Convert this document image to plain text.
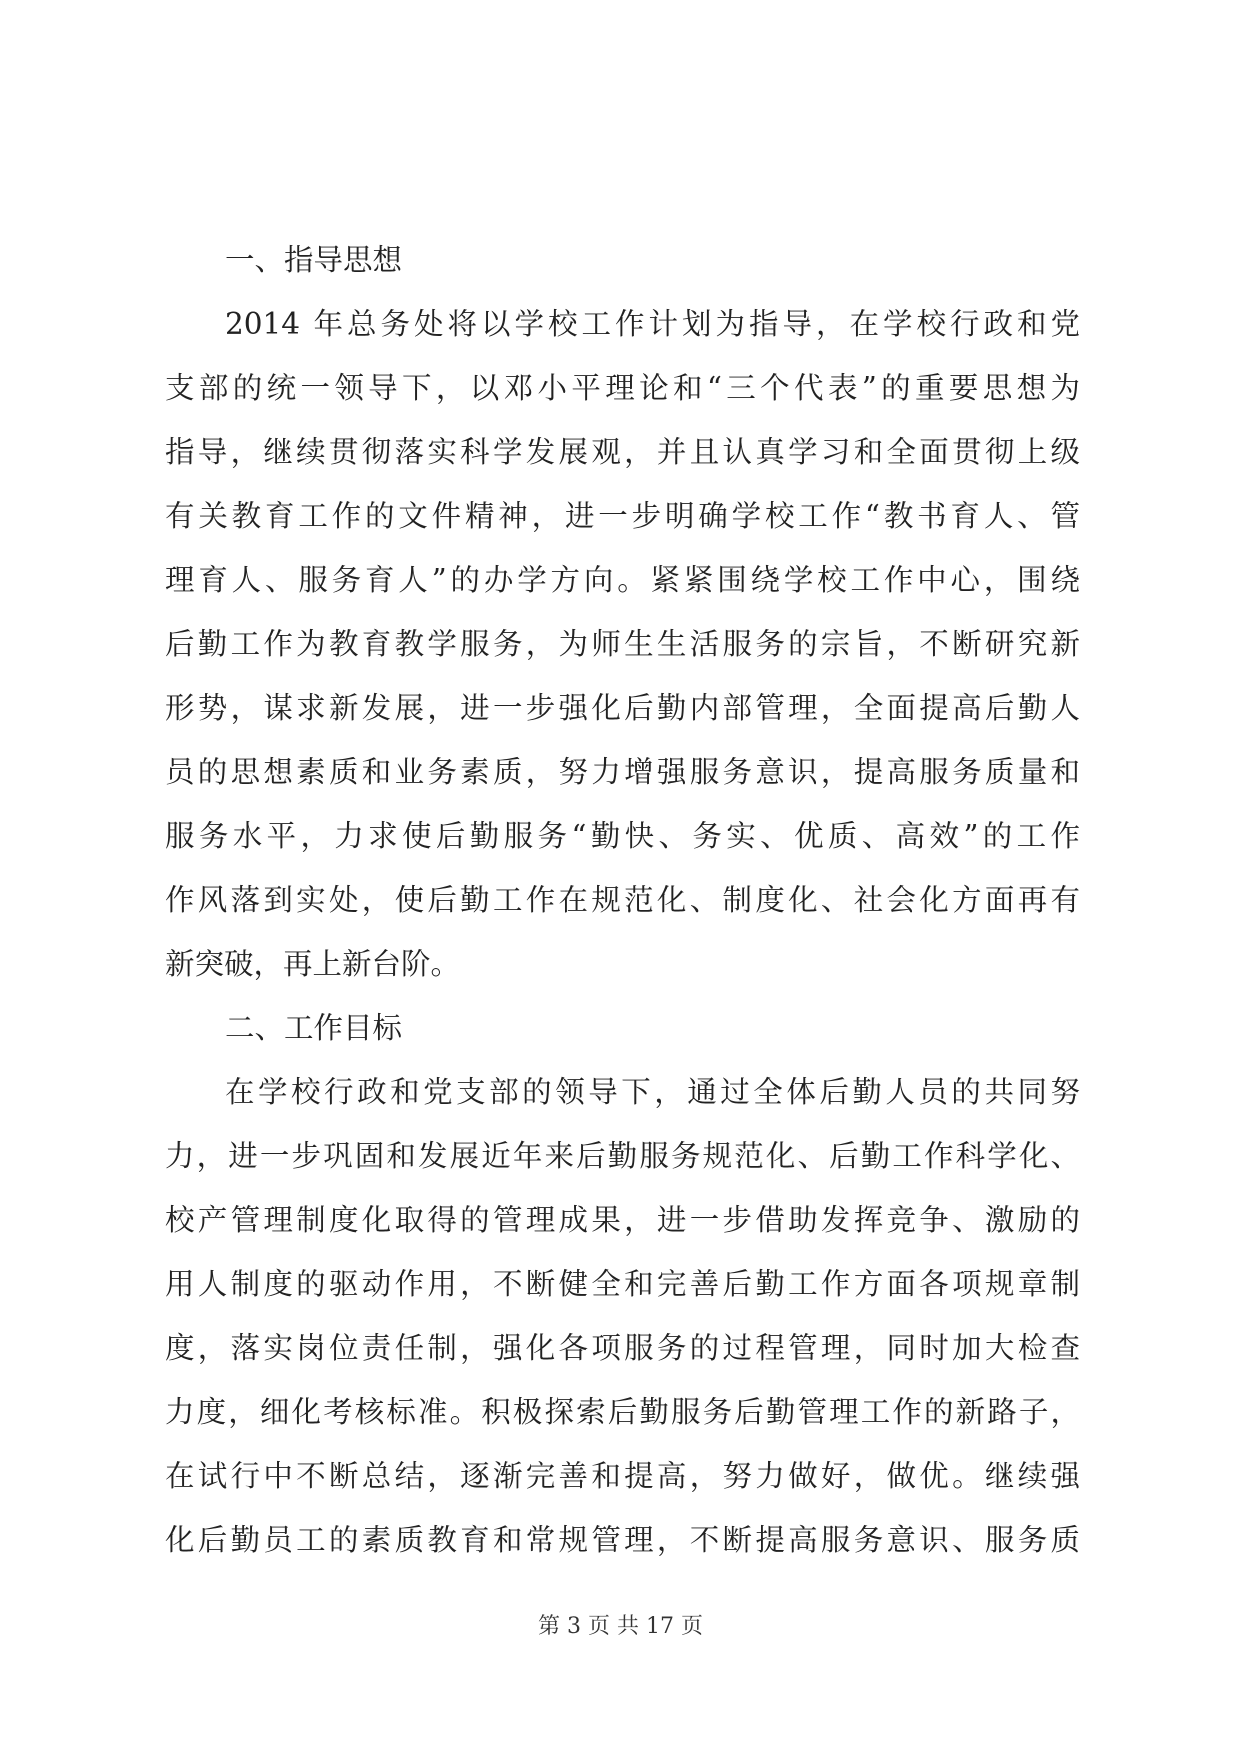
一、指导思想
2014 年总务处将以学校工作计划为指导，在学校行政和党
支部的统一领导下，以邓小平理论和“三个代表”的重要思想为
指导，继续贯彻落实科学发展观，并且认真学习和全面贯彻上级
有关教育工作的文件精神，进一步明确学校工作“教书育人、管
理育人、服务育人”的办学方向。紧紧围绕学校工作中心，围绕
后勤工作为教育教学服务，为师生生活服务的宗旨，不断研究新
形势，谋求新发展，进一步强化后勤内部管理，全面提高后勤人
员的思想素质和业务素质，努力增强服务意识，提高服务质量和
服务水平，力求使后勤服务“勤快、务实、优质、高效”的工作
作风落到实处，使后勤工作在规范化、制度化、社会化方面再有
新突破，再上新台阶。
二、工作目标
在学校行政和党支部的领导下，通过全体后勤人员的共同努
力，进一步巩固和发展近年来后勤服务规范化、后勤工作科学化、
校产管理制度化取得的管理成果，进一步借助发挥竞争、激励的
用人制度的驱动作用，不断健全和完善后勤工作方面各项规章制
度，落实岗位责任制，强化各项服务的过程管理，同时加大检查
力度，细化考核标准。积极探索后勤服务后勤管理工作的新路子，
在试行中不断总结，逐渐完善和提高，努力做好，做优。继续强
化后勤员工的素质教育和常规管理，不断提高服务意识、服务质
第 3 页 共 17 页
